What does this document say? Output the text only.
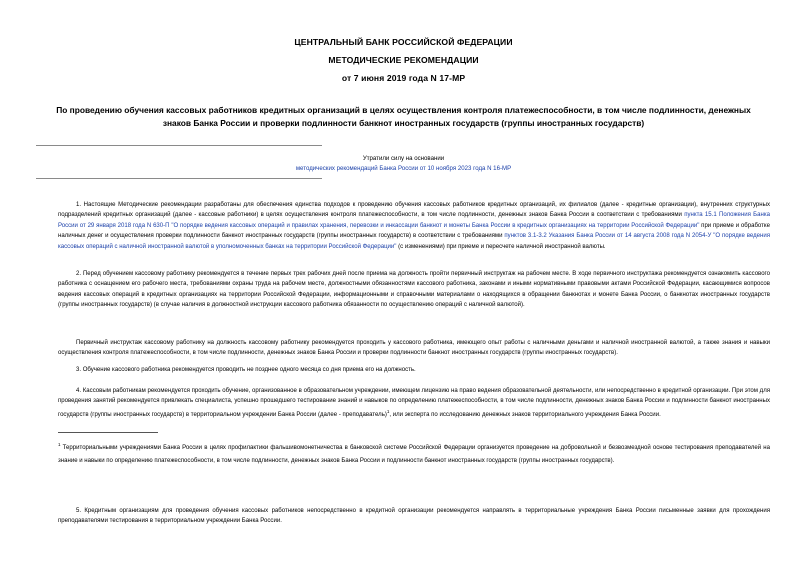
ЦЕНТРАЛЬНЫЙ БАНК РОССИЙСКОЙ ФЕДЕРАЦИИ
МЕТОДИЧЕСКИЕ РЕКОМЕНДАЦИИ
от 7 июня 2019 года N 17-МР
По проведению обучения кассовых работников кредитных организаций в целях осуществления контроля платежеспособности, в том числе подлинности, денежных знаков Банка России и проверки подлинности банкнот иностранных государств (группы иностранных государств)
Утратили силу на основании
методических рекомендаций Банка России от 10 ноября 2023 года N 16-МР

1. Настоящие Методические рекомендации разработаны для обеспечения единства подходов к проведению обучения кассовых работников кредитных организаций, их филиалов (далее - кредитные организации), внутренних структурных подразделений кредитных организаций (далее - кассовые работники) в целях осуществления контроля платежеспособности, в том числе подлинности, денежных знаков Банка России в соответствии с требованиями пункта 15.1 Положения Банка России от 29 января 2018 года N 630-П "О порядке ведения кассовых операций и правилах хранения, перевозки и инкассации банкнот и монеты Банка России в кредитных организациях на территории Российской Федерации" при приеме и обработке наличных денег и осуществления проверки подлинности банкнот иностранных государств (группы иностранных государств) в соответствии с требованиями пунктов 3.1-3.2 Указания Банка России от 14 августа 2008 года N 2054-У "О порядке ведения кассовых операций с наличной иностранной валютой в уполномоченных банках на территории Российской Федерации" (с изменениями) при приеме и пересчете наличной иностранной валюты.

2. Перед обучением кассовому работнику рекомендуется в течение первых трех рабочих дней после приема на должность пройти первичный инструктаж на рабочем месте. В ходе первичного инструктажа рекомендуется ознакомить кассового работника с оснащением его рабочего места, требованиями охраны труда на рабочем месте, должностными обязанностями кассового работника, законами и иными нормативными правовыми актами Российской Федерации, касающимися вопросов ведения кассовых операций в кредитных организациях на территории Российской Федерации, информационными и справочными материалами о находящихся в обращении банкнотах и монете Банка России, о банкнотах иностранных государств (группы иностранных государств) (в случае наличия в должностной инструкции кассового работника обязанности по осуществлению операций с наличной валютой).

Первичный инструктаж кассовому работнику на должность кассовому работнику рекомендуется проходить у кассового работника, имеющего опыт работы с наличными деньгами и наличной иностранной валютой, а также знания и навыки осуществления контроля платежеспособности, в том числе подлинности, денежных знаков Банка России и проверки подлинности банкнот иностранных государств (группы иностранных государств).

3. Обучение кассового работника рекомендуется проводить не позднее одного месяца со дня приема его на должность.

4. Кассовым работникам рекомендуется проходить обучение, организованное в образовательном учреждении, имеющем лицензию на право ведения образовательной деятельности, или непосредственно в кредитной организации. При этом для проведения занятий рекомендуется привлекать специалиста, успешно прошедшего тестирование знаний и навыков по определению платежеспособности, в том числе подлинности, денежных знаков Банка России и подлинности банкнот иностранных государств (группы иностранных государств) в территориальном учреждении Банка России (далее - преподаватель)$^1$, или эксперта по исследованию денежных знаков территориального учреждения Банка России.

$^1$ Территориальными учреждениями Банка России в целях профилактики фальшивомонетничества в банковской системе Российской Федерации организуется проведение на добровольной и безвозмездной основе тестирования преподавателей на знание и навыки по определению платежеспособности, в том числе подлинности, денежных знаков Банка России и подлинности банкнот иностранных государств (группы иностранных государств).

5. Кредитным организациям для проведения обучения кассовых работников непосредственно в кредитной организации рекомендуется направлять в территориальные учреждения Банка России письменные заявки для прохождения преподавателями тестирования в территориальном учреждении Банка России.
